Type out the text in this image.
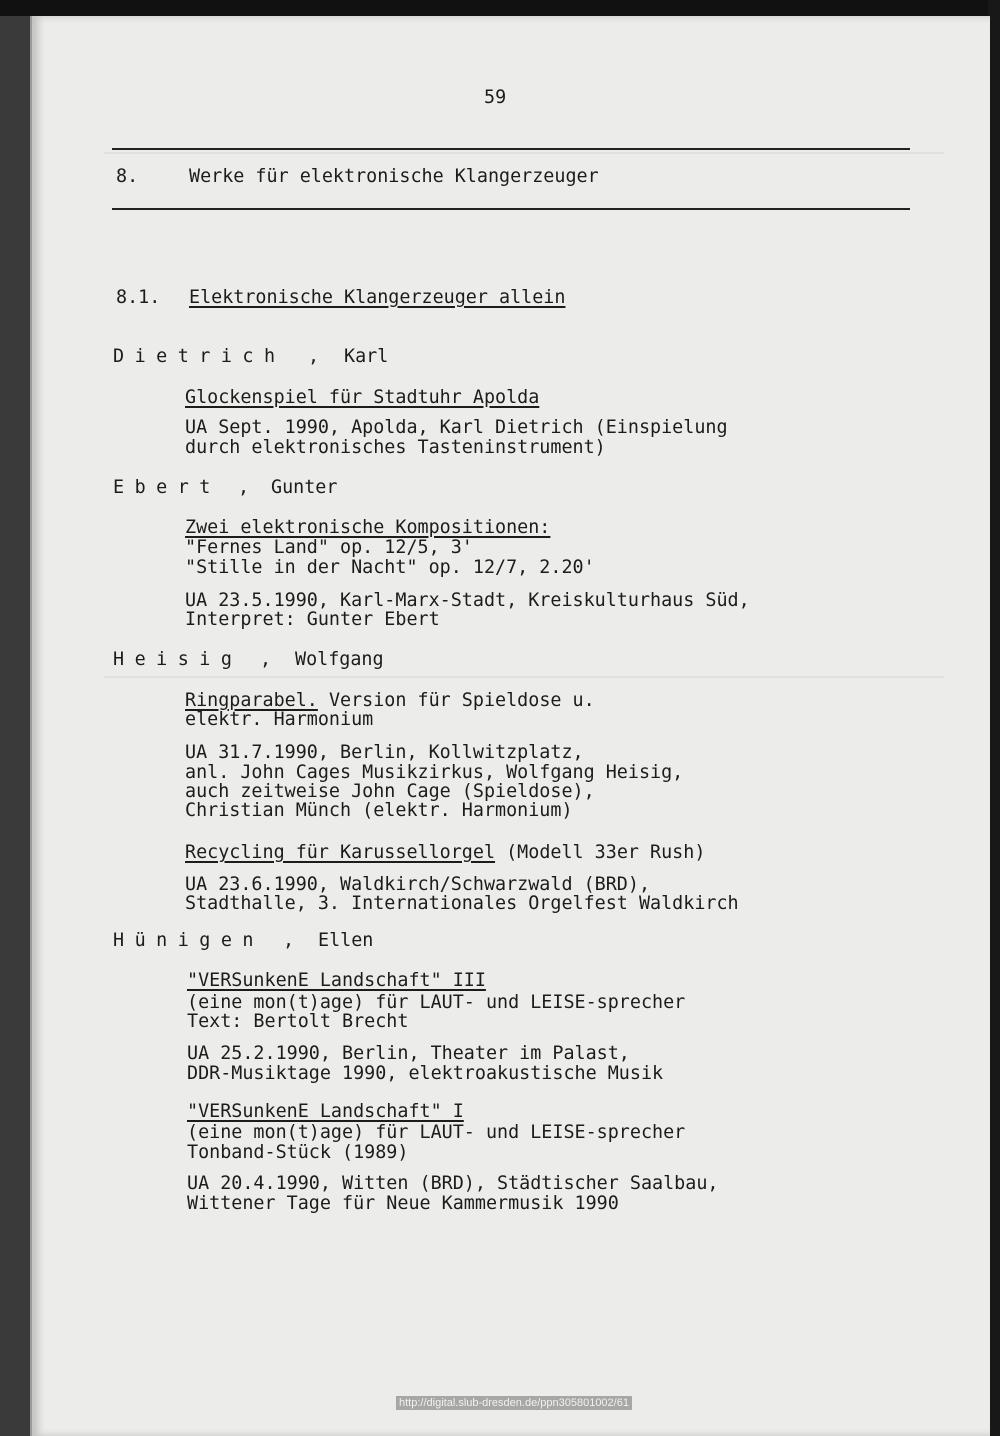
59
8.	Werke für elektronische Klangerzeuger
8.1. Elektronische Klangerzeuger allein
Dietrich , Karl
Glockenspiel für Stadtuhr Apolda
UA Sept. 1990, Apolda, Karl Dietrich (Einspielung
durch elektronisches Tasteninstrument)
Ebert , Gunter
Zwei elektronische Kompositionen:
"Fernes Land" op. 12/5, 3'
"Stille in der Nacht" op. 12/7, 2.20'
UA 23.5.1990, Karl-Marx-Stadt, Kreiskulturhaus Süd,
Interpret: Gunter Ebert
Heisig , Wolfgang
Ringparabel. Version für Spieldose u.
elektr. Harmonium
UA 31.7.1990, Berlin, Kollwitzplatz,
anl. John Cages Musikzirkus, Wolfgang Heisig,
auch zeitweise John Cage (Spieldose),
Christian Münch (elektr. Harmonium)
Recycling für Karussellorgel (Modell 33er Rush)
UA 23.6.1990, Waldkirch/Schwarzwald (BRD),
Stadthalle, 3. Internationales Orgelfest Waldkirch
Hünigen , Ellen
"VERSunkenE Landschaft" III
(eine mon(t)age) für LAUT- und LEISE-sprecher
Text: Bertolt Brecht
UA 25.2.1990, Berlin, Theater im Palast,
DDR-Musiktage 1990, elektroakustische Musik
"VERSunkenE Landschaft" I
(eine mon(t)age) für LAUT- und LEISE-sprecher
Tonband-Stück (1989)
UA 20.4.1990, Witten (BRD), Städtischer Saalbau,
Wittener Tage für Neue Kammermusik 1990
http://digital.slub-dresden.de/ppn305801002/61
